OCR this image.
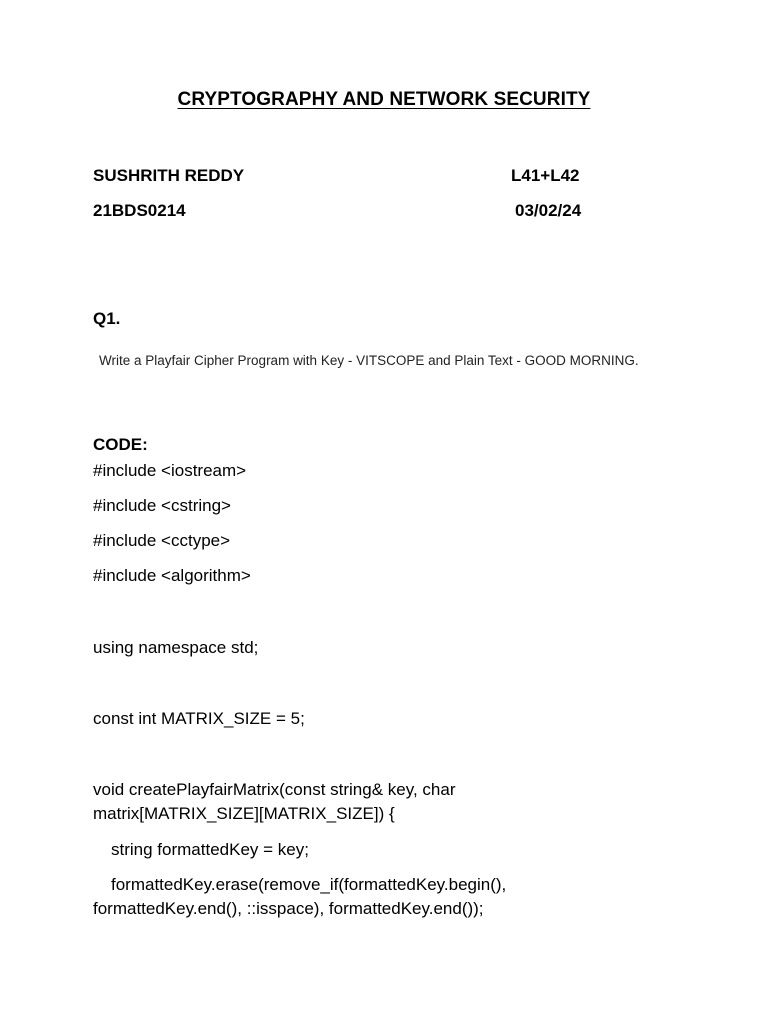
CRYPTOGRAPHY AND NETWORK SECURITY
SUSHRITH REDDY	L41+L42
21BDS0214	03/02/24
Q1.
Write a Playfair Cipher Program with Key - VITSCOPE and Plain Text - GOOD MORNING.
CODE:
#include <iostream>
#include <cstring>
#include <cctype>
#include <algorithm>
using namespace std;
const int MATRIX_SIZE = 5;
void createPlayfairMatrix(const string& key, char matrix[MATRIX_SIZE][MATRIX_SIZE]) {
string formattedKey = key;
formattedKey.erase(remove_if(formattedKey.begin(), formattedKey.end(), ::isspace), formattedKey.end());
